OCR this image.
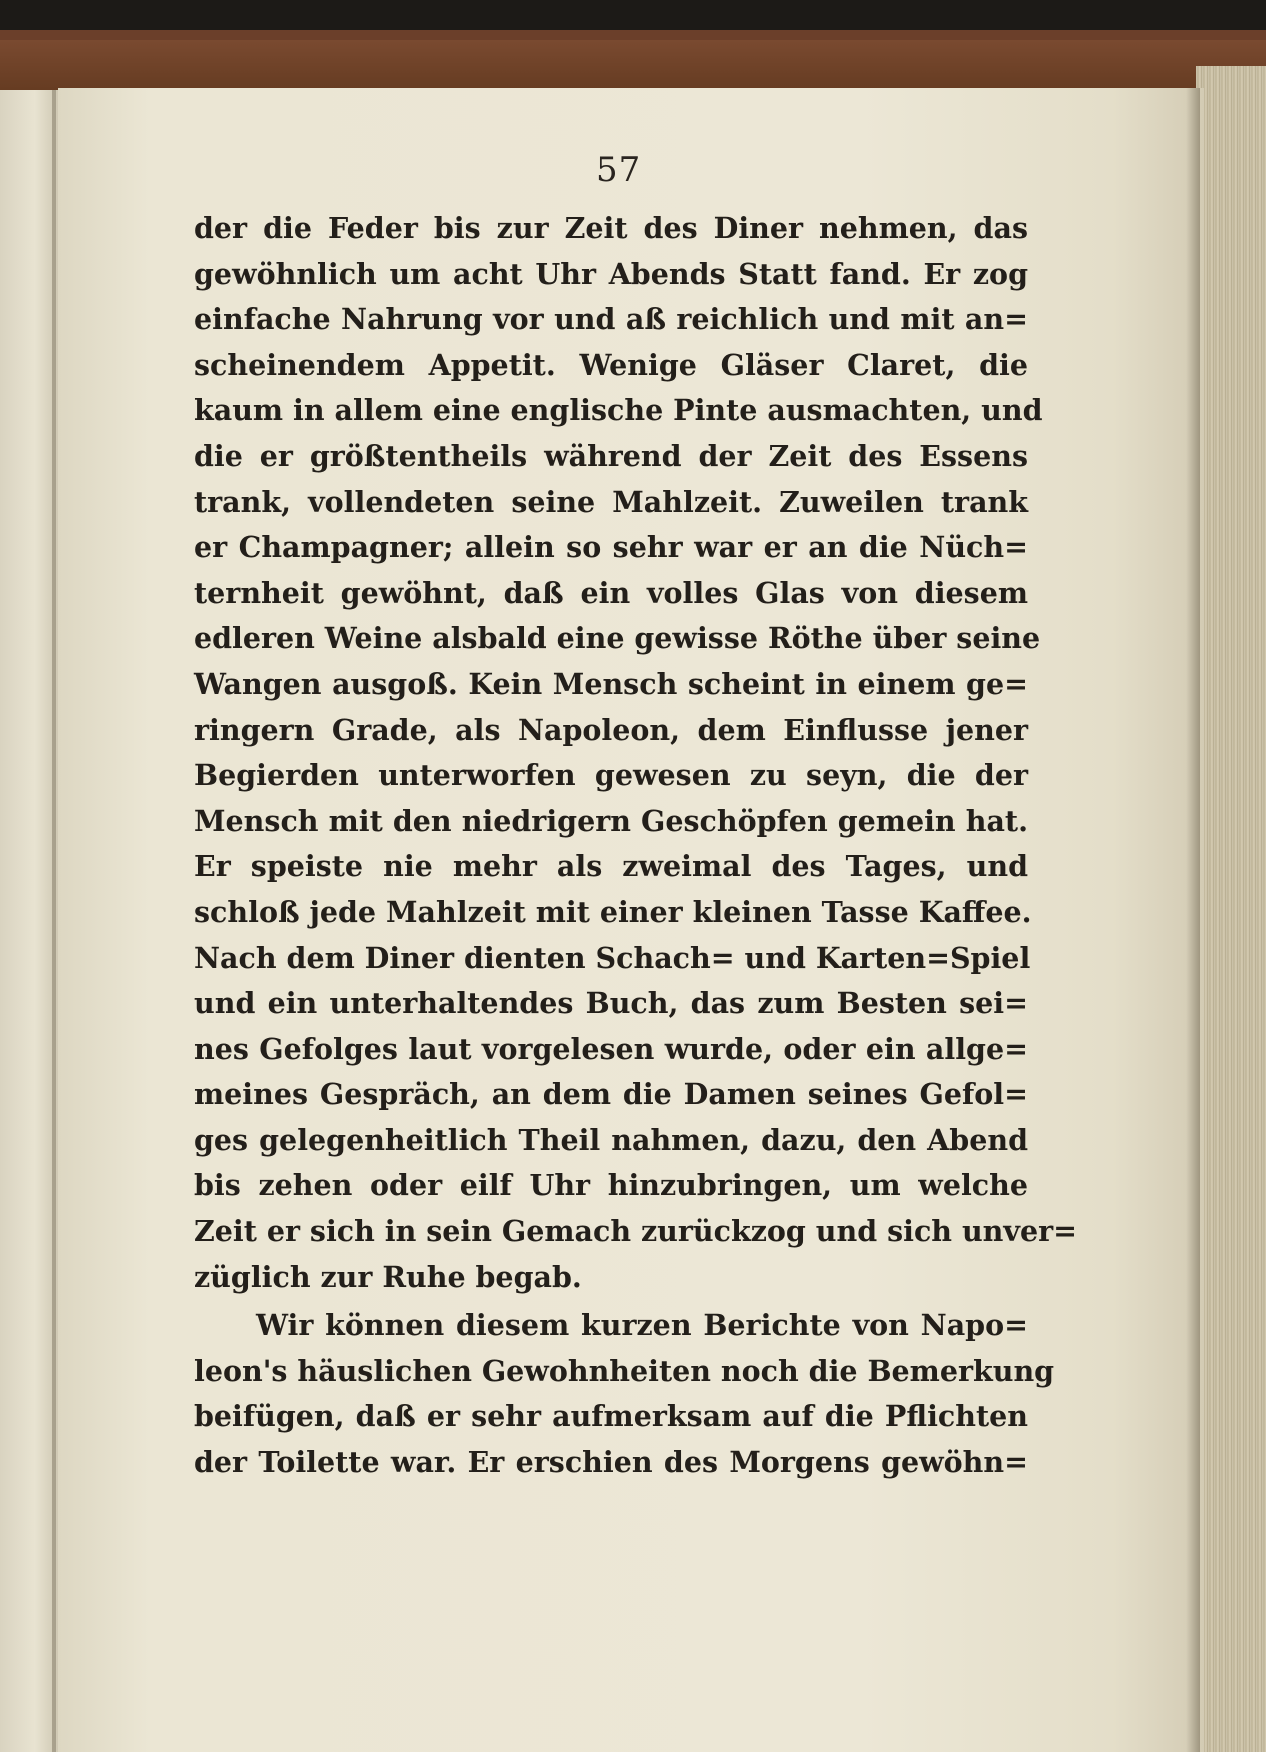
57
der die Feder bis zur Zeit des Diner nehmen, das
gewöhnlich um acht Uhr Abends Statt fand. Er zog
einfache Nahrung vor und aß reichlich und mit an=
scheinendem Appetit. Wenige Gläser Claret, die
kaum in allem eine englische Pinte ausmachten, und
die er größtentheils während der Zeit des Essens
trank, vollendeten seine Mahlzeit. Zuweilen trank
er Champagner; allein so sehr war er an die Nüch=
ternheit gewöhnt, daß ein volles Glas von diesem
edleren Weine alsbald eine gewisse Röthe über seine
Wangen ausgoß. Kein Mensch scheint in einem ge=
ringern Grade, als Napoleon, dem Einflusse jener
Begierden unterworfen gewesen zu seyn, die der
Mensch mit den niedrigern Geschöpfen gemein hat.
Er speiste nie mehr als zweimal des Tages, und
schloß jede Mahlzeit mit einer kleinen Tasse Kaffee.
Nach dem Diner dienten Schach= und Karten=Spiel
und ein unterhaltendes Buch, das zum Besten sei=
nes Gefolges laut vorgelesen wurde, oder ein allge=
meines Gespräch, an dem die Damen seines Gefol=
ges gelegenheitlich Theil nahmen, dazu, den Abend
bis zehen oder eilf Uhr hinzubringen, um welche
Zeit er sich in sein Gemach zurückzog und sich unver=
züglich zur Ruhe begab.
Wir können diesem kurzen Berichte von Napo=
leon's häuslichen Gewohnheiten noch die Bemerkung
beifügen, daß er sehr aufmerksam auf die Pflichten
der Toilette war. Er erschien des Morgens gewöhn=
